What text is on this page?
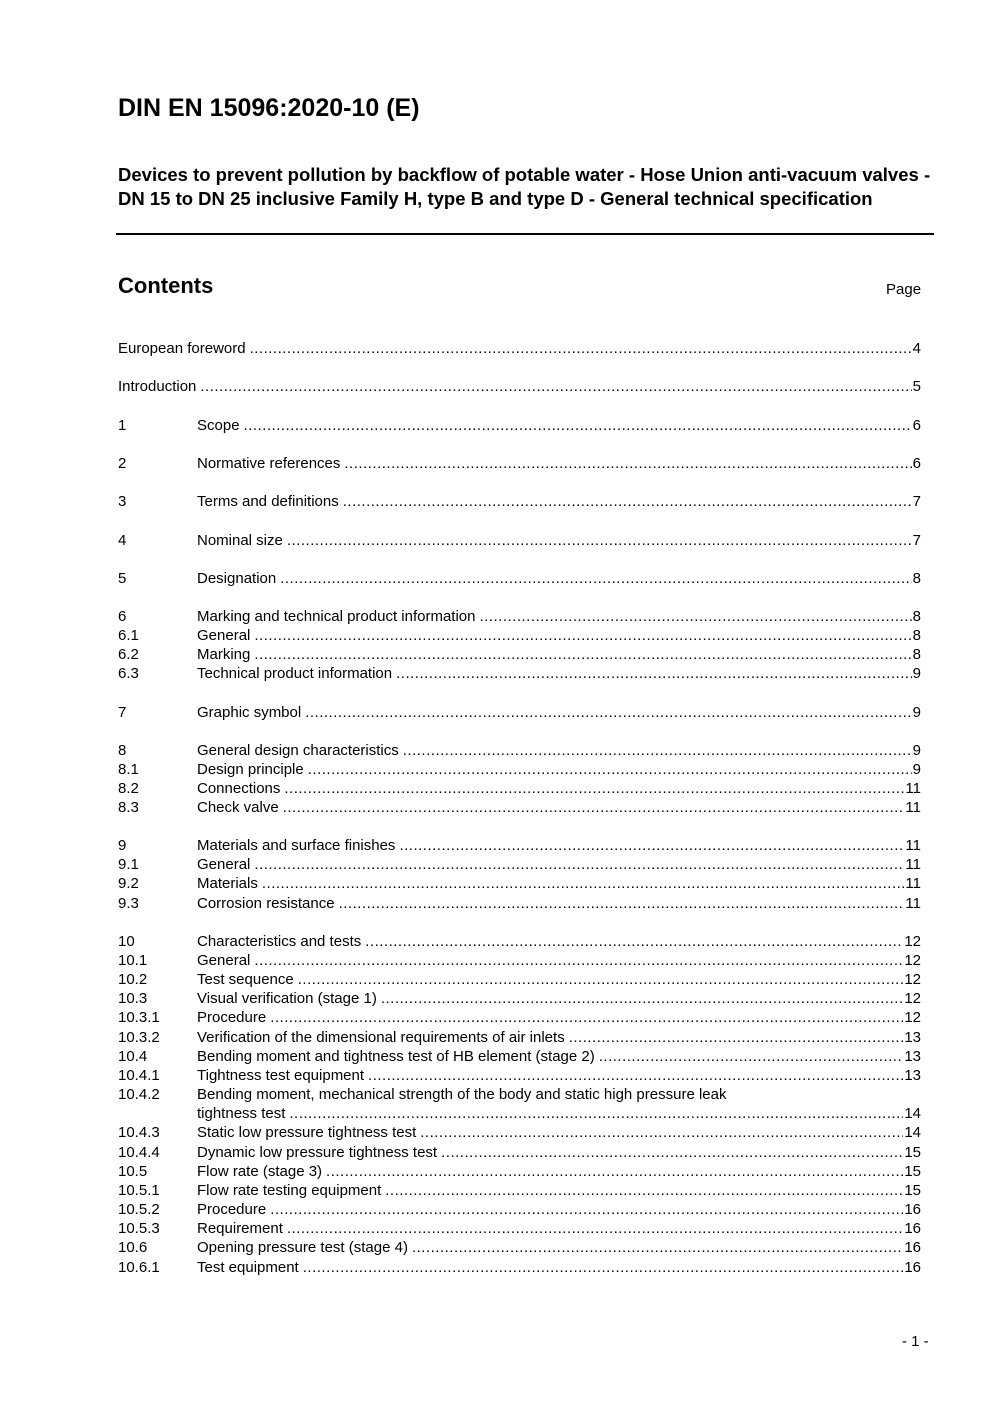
DIN EN 15096:2020-10 (E)
Devices to prevent pollution by backflow of potable water - Hose Union anti-vacuum valves - DN 15 to DN 25 inclusive Family H, type B and type D - General technical specification
Contents	Page
European foreword .....	4
Introduction .....	5
1	Scope .....	6
2	Normative references .....	6
3	Terms and definitions .....	7
4	Nominal size .....	7
5	Designation .....	8
6	Marking and technical product information .....	8
6.1	General .....	8
6.2	Marking .....	8
6.3	Technical product information .....	9
7	Graphic symbol .....	9
8	General design characteristics .....	9
8.1	Design principle .....	9
8.2	Connections .....	11
8.3	Check valve .....	11
9	Materials and surface finishes .....	11
9.1	General .....	11
9.2	Materials .....	11
9.3	Corrosion resistance .....	11
10	Characteristics and tests .....	12
10.1	General .....	12
10.2	Test sequence .....	12
10.3	Visual verification (stage 1) .....	12
10.3.1	Procedure .....	12
10.3.2	Verification of the dimensional requirements of air inlets .....	13
10.4	Bending moment and tightness test of HB element (stage 2) .....	13
10.4.1	Tightness test equipment .....	13
10.4.2	Bending moment, mechanical strength of the body and static high pressure leak
tightness test .....	14
10.4.3	Static low pressure tightness test .....	14
10.4.4	Dynamic low pressure tightness test .....	15
10.5	Flow rate (stage 3) .....	15
10.5.1	Flow rate testing equipment .....	15
10.5.2	Procedure .....	16
10.5.3	Requirement .....	16
10.6	Opening pressure test (stage 4) .....	16
10.6.1	Test equipment .....	16
- 1 -
